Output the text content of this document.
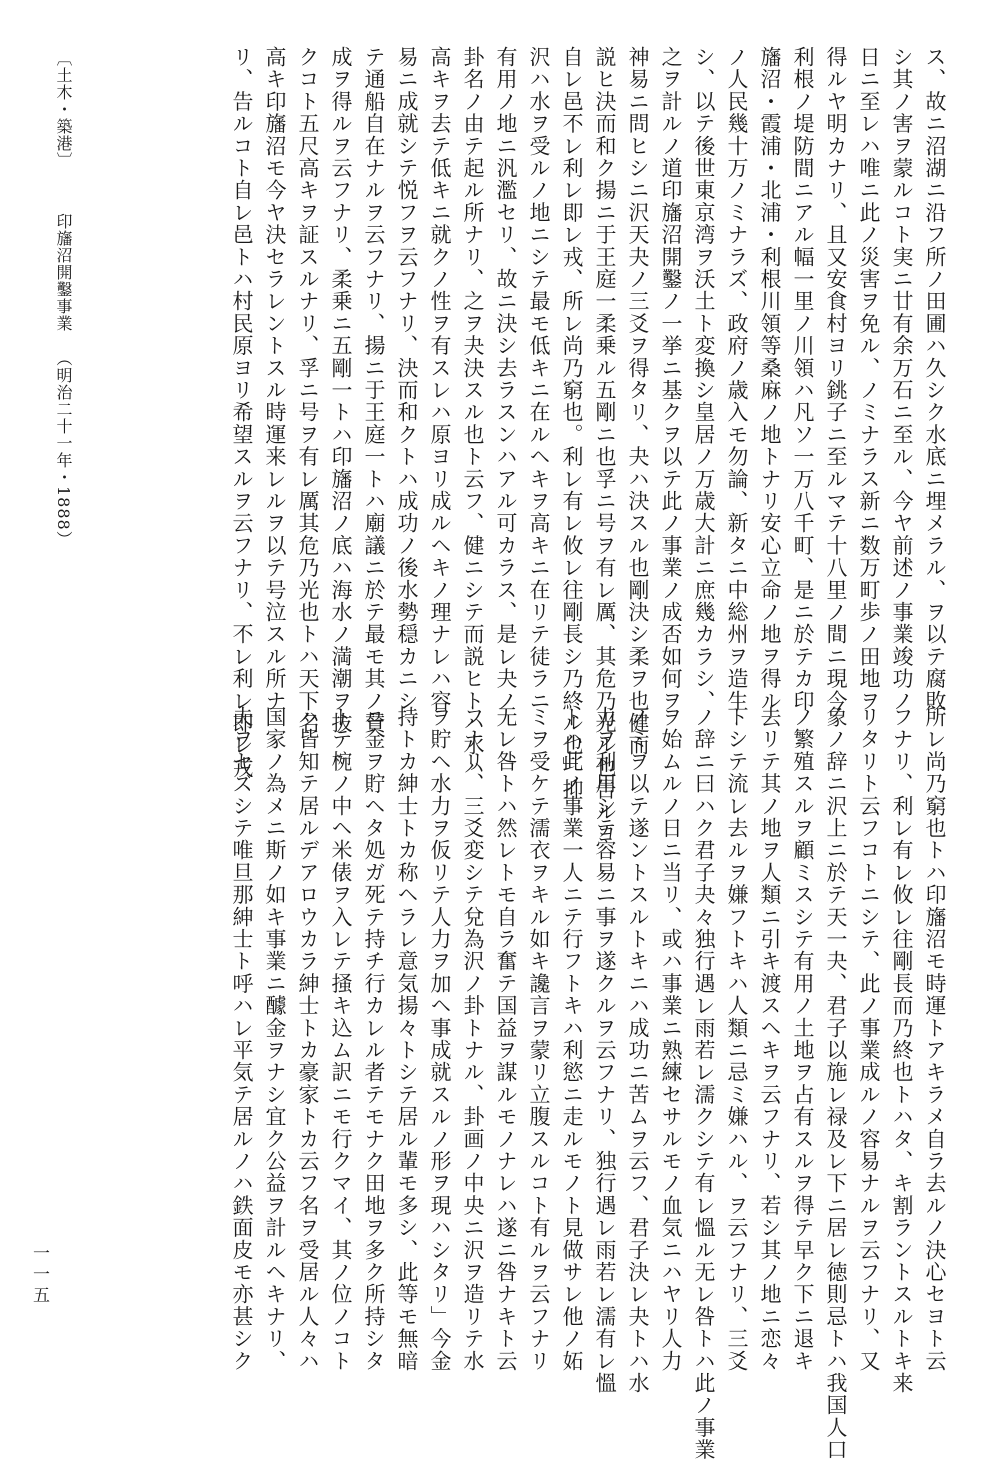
ス、故ニ沼湖ニ沿フ所ノ田圃ハ久シク水底ニ埋メラル、ヲ以テ腐敗
シ其ノ害ヲ蒙ルコト実ニ廿有余万石ニ至ル、今ヤ前述ノ事業竣功ノ
日ニ至レハ唯ニ此ノ災害ヲ免ル、ノミナラス新ニ数万町歩ノ田地ヲ
得ルヤ明カナリ、且又安食村ヨリ銚子ニ至ルマテ十八里ノ間ニ現今
利根ノ堤防間ニアル幅一里ノ川領ハ凡ソ一万八千町、是ニ於テカ印
旛沼・霞浦・北浦・利根川領等桑麻ノ地トナリ安心立命ノ地ヲ得ル
ノ人民幾十万ノミナラズ、政府ノ歳入モ勿論、新タニ中総州ヲ造生
シ、以テ後世東京湾ヲ沃土ト変換シ皇居ノ万歳大計ニ庶幾カラシ、
之ヲ計ルノ道印旛沼開鑿ノ一挙ニ基クヲ以テ此ノ事業ノ成否如何ヲ
神易ニ問ヒシニ沢天夬ノ三爻ヲ得タリ、夬ハ決スル也剛決シ柔ヲ也健而
説ヒ決而和ク揚ニ于王庭一柔乗ル五剛ニ也孚ニ号ヲ有レ厲、其危乃光ル也告ルヨ
自レ邑不レ利レ即レ戎、所レ尚乃窮也。利レ有レ攸レ往剛長シ乃終ル也」抑
沢ハ水ヲ受ルノ地ニシテ最モ低キニ在ルヘキヲ高キニ在リテ徒ラニ
有用ノ地ニ汎濫セリ、故ニ決シ去ラスンハアル可カラス、是レ夬ノ
卦名ノ由テ起ル所ナリ、之ヲ夬決スル也ト云フ、健ニシテ而説ヒトハ水ハ
高キヲ去テ低キニ就クノ性ヲ有スレハ原ヨリ成ルヘキノ理ナレハ容
易ニ成就シテ悦フヲ云フナリ、決而和クトハ成功ノ後水勢穏カニシ
テ通船自在ナルヲ云フナリ、揚ニ于王庭一トハ廟議ニ於テ最モ其ノ賛
成ヲ得ルヲ云フナリ、柔乗ニ五剛一トハ印旛沼ノ底ハ海水ノ満潮ヲ抜
クコト五尺高キヲ証スルナリ、孚ニ号ヲ有レ厲其危乃光也トハ天下名
高キ印旛沼モ今ヤ決セラレントスル時運来レルヲ以テ号泣スル所ナ
リ、告ルコト自レ邑トハ村民原ヨリ希望スルヲ云フナリ、不レ利レ即レ戎
所レ尚乃窮也トハ印旛沼モ時運トアキラメ自ラ去ルノ決心セヨト云
フナリ、利レ有レ攸レ往剛長而乃終也トハタ、キ割ラントスルトキ来
リタリト云フコトニシテ、此ノ事業成ルノ容易ナルヲ云フナリ、又
象ノ辞ニ沢上ニ於テ天一夬、君子以施レ禄及レ下ニ居レ徳則忌トハ我国人口
ノ繁殖スルヲ顧ミスシテ有用ノ土地ヲ占有スルヲ得テ早ク下ニ退キ
去リテ其ノ地ヲ人類ニ引キ渡スヘキヲ云フナリ、若シ其ノ地ニ恋々
トシテ流レ去ルヲ嫌フトキハ人類ニ忌ミ嫌ハル、ヲ云フナリ、三爻
ノ辞ニ曰ハク君子夬々独行遇レ雨若レ濡クシテ有レ慍ル无レ咎トハ此ノ事業
ヲ始ムルノ日ニ当リ、或ハ事業ニ熟練セサルモノ血気ニハヤリ人力
ノミヲ以テ遂ントスルトキニハ成功ニ苦ムヲ云フ、君子決レ夬トハ水
力ヲ利用シテ容易ニ事ヲ遂クルヲ云フナリ、独行遇レ雨若レ濡有レ慍
トハ此ノ事業一人ニテ行フトキハ利慾ニ走ルモノト見做サレ他ノ妬
ミヲ受ケテ濡衣ヲキル如キ讒言ヲ蒙リ立腹スルコト有ルヲ云フナリ
无レ咎トハ然レトモ自ラ奮テ国益ヲ謀ルモノナレハ遂ニ咎ナキト云
フナリ、三爻変シテ兌為沢ノ卦トナル、卦画ノ中央ニ沢ヲ造リテ水
ヲ貯ヘ水力ヲ仮リテ人力ヲ加ヘ事成就スルノ形ヲ現ハシタリ」今金
持トカ紳士トカ称ヘラレ意気揚々トシテ居ル輩モ多シ、此等モ無暗
ニ金ヲ貯ヘタ処ガ死テ持チ行カレル者テモナク田地ヲ多ク所持シタ
トテ椀ノ中ヘ米俵ヲ入レテ掻キ込ム訳ニモ行クマイ、其ノ位ノコト
ハ皆知テ居ルデアロウカラ紳士トカ豪家トカ云フ名ヲ受居ル人々ハ
国家ノ為メニ斯ノ如キ事業ニ醵金ヲナシ宜ク公益ヲ計ルヘキナリ、
夫ヲセズシテ唯旦那紳士ト呼ハレ平気テ居ルノハ鉄面皮モ亦甚シク
〔土木・築港〕印旛沼開鑿事業（明治二十一年・1888）
一一五
